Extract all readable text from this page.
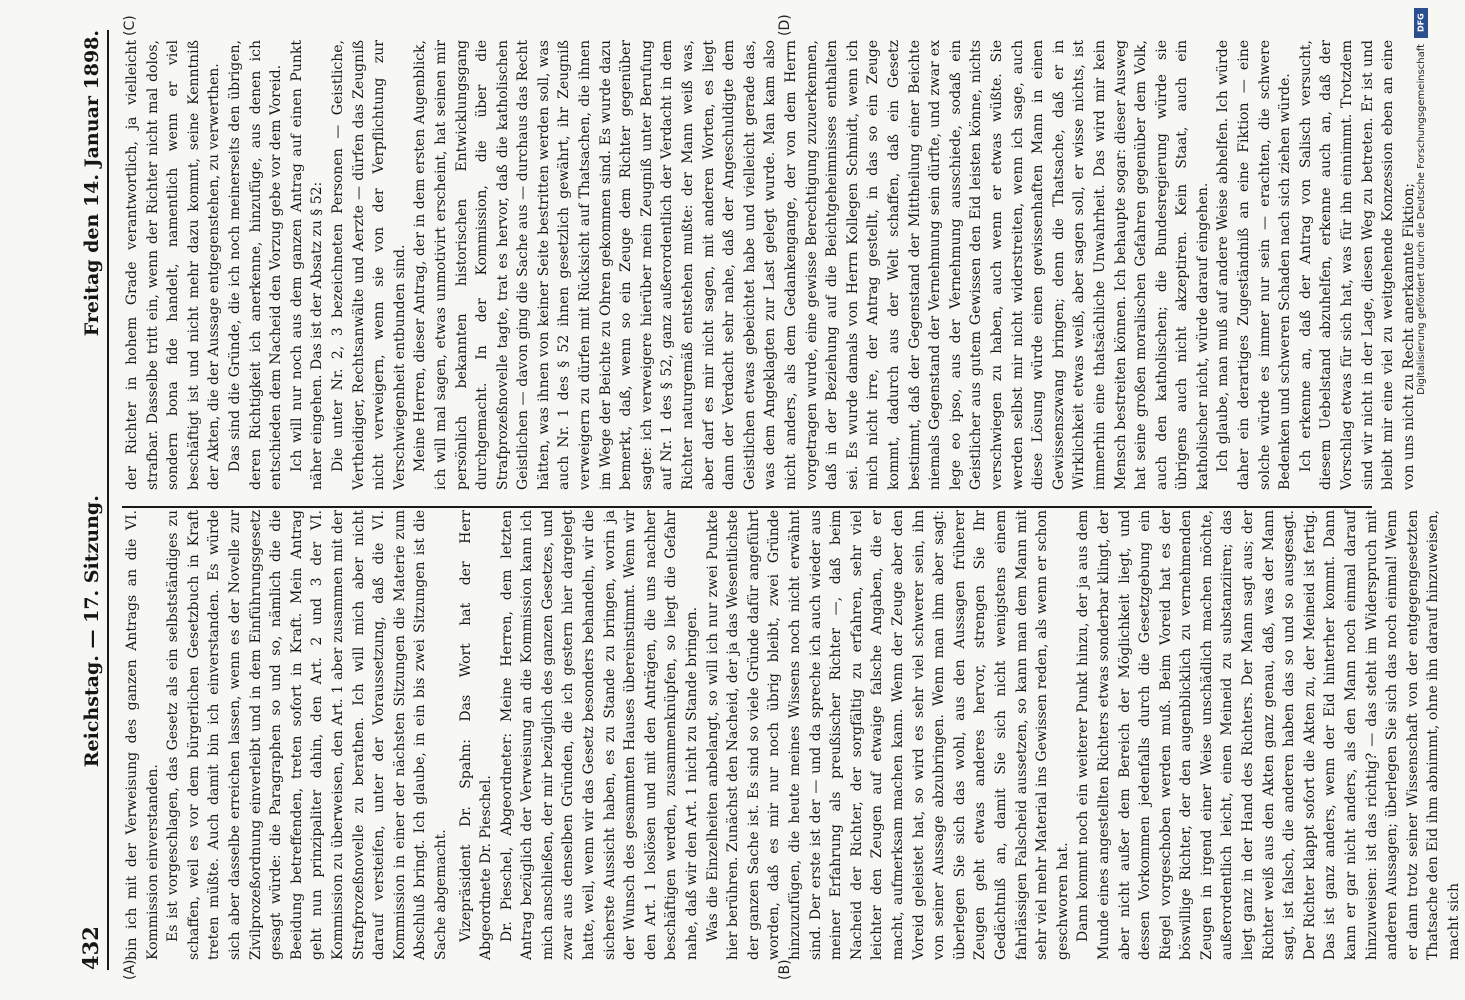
432
Reichstag. — 17. Sitzung.
Freitag den 14. Januar 1898.
(A)	(B)
(C)	(D)

bin ich mit der Verweisung des ganzen Antrags an die VI. Kommission einverstanden. Es ist vorgeschlagen, das Gesetz als ein selbstständiges zu schaffen, weil es vor dem bürgerlichen Gesetzbuch in Kraft treten müßte. Auch damit bin ich einverstanden. Es würde sich aber dasselbe erreichen lassen, wenn es der Novelle zur Zivilprozeßordnung einverleibt und in dem Einführungsgesetz gesagt würde: die Paragraphen so und so, nämlich die die Beeidung betreffenden, treten sofort in Kraft. Mein Antrag geht nun prinzipaliter dahin, den Art. 2 und 3 der VI. Kommission zu überweisen, den Art. 1 aber zusammen mit der Strafprozeßnovelle zu berathen. Ich will mich aber nicht darauf versteifen, unter der Voraussetzung, daß die VI. Kommission in einer der nächsten Sitzungen die Materie zum Abschluß bringt. Ich glaube, in ein bis zwei Sitzungen ist die Sache abgemacht. Vizepräsident Dr. Spahn: Das Wort hat der Herr Abgeordnete Dr. Pieschel. Dr. Pieschel, Abgeordneter: Meine Herren, dem letzten Antrag bezüglich der Verweisung an die Kommission kann ich mich anschließen, der mir bezüglich des ganzen Gesetzes, und zwar aus denselben Gründen, die ich gestern hier dargelegt hatte, weil, wenn wir das Gesetz besonders behandeln, wir die sicherste Aussicht haben, es zu Stande zu bringen, worin ja der Wunsch des gesammten Hauses übereinstimmt. Wenn wir den Art. 1 loslösen und mit den Anträgen, die uns nachher beschäftigen werden, zusammenknüpfen, so liegt die Gefahr nahe, daß wir den Art. 1 nicht zu Stande bringen. Was die Einzelheiten anbelangt, so will ich nur zwei Punkte hier berühren. Zunächst den Nacheid, der ja das Wesentlichste der ganzen Sache ist. Es sind so viele Gründe dafür angeführt worden, daß es mir nur noch übrig bleibt, zwei Gründe hinzuzufügen, die heute meines Wissens noch nicht erwähnt sind. Der erste ist der — und da spreche ich auch wieder aus meiner Erfahrung als preußischer Richter —, daß beim Nacheid der Richter, der sorgfältig zu erfahren, sehr viel leichter den Zeugen auf etwaige falsche Angaben, die er macht, aufmerksam machen kann. Wenn der Zeuge aber den Voreid geleistet hat, so wird es sehr viel schwerer sein, ihn von seiner Aussage abzubringen. Wenn man ihm aber sagt: überlegen Sie sich das wohl, aus den Aussagen früherer Zeugen geht etwas anderes hervor, strengen Sie Ihr Gedächtniß an, damit Sie sich nicht wenigstens einem fahrlässigen Falscheid aussetzen, so kann man dem Mann mit sehr viel mehr Material ins Gewissen reden, als wenn er schon geschworen hat. Dann kommt noch ein weiterer Punkt hinzu, der ja aus dem Munde eines angestellten Richters etwas sonderbar klingt, der aber nicht außer dem Bereich der Möglichkeit liegt, und dessen Vorkommen jedenfalls durch die Gesetzgebung ein Riegel vorgeschoben werden muß. Beim Voreid hat es der böswillige Richter, der den augenblicklich zu vernehmenden Zeugen in irgend einer Weise unschädlich machen möchte, außerordentlich leicht, einen Meineid zu substanziiren; das liegt ganz in der Hand des Richters. Der Mann sagt aus; der Richter weiß aus den Akten ganz genau, daß, was der Mann sagt, ist falsch, die anderen haben das so und so ausgesagt. Der Richter klappt sofort die Akten zu, der Meineid ist fertig. Das ist ganz anders, wenn der Eid hinterher kommt. Dann kann er gar nicht anders, als den Mann noch einmal darauf hinzuweisen: ist das richtig? — das steht im Widerspruch mit anderen Aussagen; überlegen Sie sich das noch einmal! Wenn er dann trotz seiner Wissenschaft von der entgegengesetzten Thatsache den Eid ihm abnimmt, ohne ihn darauf hinzuweisen, macht sich

der Richter in hohem Grade verantwortlich, ja vielleicht strafbar. Dasselbe tritt ein, wenn der Richter nicht mal dolos, sondern bona fide handelt, namentlich wenn er viel beschäftigt ist und nicht mehr dazu kommt, seine Kenntniß der Akten, die der Aussage entgegenstehen, zu verwerthen. Das sind die Gründe, die ich noch meinerseits den übrigen, deren Richtigkeit ich anerkenne, hinzufüge, aus denen ich entschieden dem Nacheid den Vorzug gebe vor dem Voreid. Ich will nur noch aus dem ganzen Antrag auf einen Punkt näher eingehen. Das ist der Absatz zu § 52: Die unter Nr. 2, 3 bezeichneten Personen — Geistliche, Vertheidiger, Rechtsanwälte und Aerzte — dürfen das Zeugniß nicht verweigern, wenn sie von der Verpflichtung zur Verschwiegenheit entbunden sind. Meine Herren, dieser Antrag, der in dem ersten Augenblick, ich will mal sagen, etwas unmotivirt erscheint, hat seinen mir persönlich bekannten historischen Entwicklungsgang durchgemacht. In der Kommission, die über die Strafprozeßnovelle tagte, trat es hervor, daß die katholischen Geistlichen — davon ging die Sache aus — durchaus das Recht hätten, was ihnen von keiner Seite bestritten werden soll, was auch Nr. 1 des § 52 ihnen gesetzlich gewährt, ihr Zeugniß verweigern zu dürfen mit Rücksicht auf Thatsachen, die ihnen im Wege der Beichte zu Ohren gekommen sind. Es wurde dazu bemerkt, daß, wenn so ein Zeuge dem Richter gegenüber sagte: ich verweigere hierüber mein Zeugniß unter Berufung auf Nr. 1 des § 52, ganz außerordentlich der Verdacht in dem Richter naturgemäß entstehen mußte: der Mann weiß was, aber darf es mir nicht sagen, mit anderen Worten, es liegt dann der Verdacht sehr nahe, daß der Angeschuldigte dem Geistlichen etwas gebeichtet habe und vielleicht gerade das, was dem Angeklagten zur Last gelegt wurde. Man kam also nicht anders, als dem Gedankengange, der von dem Herrn vorgetragen wurde, eine gewisse Berechtigung zuzuerkennen, daß in der Beziehung auf die Beichtgeheimnisses enthalten sei. Es wurde damals von Herrn Kollegen Schmidt, wenn ich mich nicht irre, der Antrag gestellt, in das so ein Zeuge kommt, dadurch aus der Welt schaffen, daß ein Gesetz bestimmt, daß der Gegenstand der Mittheilung einer Beichte niemals Gegenstand der Vernehmung sein dürfte, und zwar ex lege eo ipso, aus der Vernehmung ausschiede, sodaß ein Geistlicher aus gutem Gewissen den Eid leisten könne, nichts verschwiegen zu haben, auch wenn er etwas wüßte. Sie werden selbst mir nicht widerstreiten, wenn ich sage, auch diese Lösung würde einen gewissenhaften Mann in einen Gewissenszwang bringen; denn die Thatsache, daß er in Wirklichkeit etwas weiß, aber sagen soll, er wisse nichts, ist immerhin eine thatsächliche Unwahrheit. Das wird mir kein Mensch bestreiten können. Ich behaupte sogar: dieser Ausweg hat seine großen moralischen Gefahren gegenüber dem Volk, auch den katholischen; die Bundesregierung würde sie übrigens auch nicht akzeptiren. Kein Staat, auch ein katholischer nicht, würde darauf eingehen. Ich glaube, man muß auf andere Weise abhelfen. Ich würde daher ein derartiges Zugeständniß an eine Fiktion — eine solche würde es immer nur sein — erachten, die schwere Bedenken und schweren Schaden nach sich ziehen würde. Ich erkenne an, daß der Antrag von Salisch versucht, diesem Uebelstand abzuhelfen, erkenne auch an, daß der Vorschlag etwas für sich hat, was für ihn einnimmt. Trotzdem sind wir nicht in der Lage, diesen Weg zu betreten. Er ist und bleibt mir eine viel zu weitgehende Konzession eben an eine von uns nicht zu Recht anerkannte Fiktion;

DFG
Digitalisierung gefördert durch die Deutsche Forschungsgemeinschaft
